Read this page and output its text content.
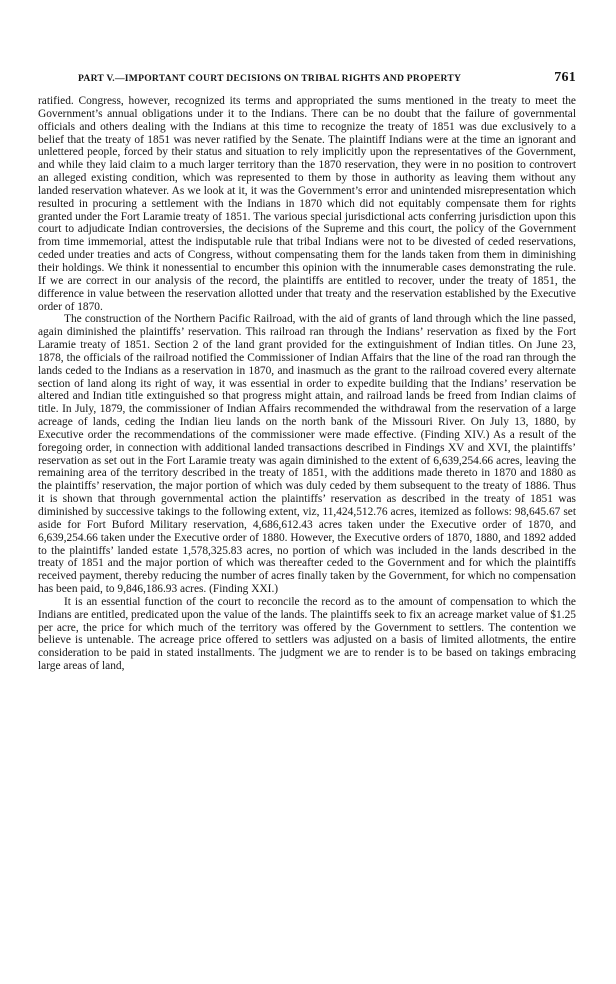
PART V.—IMPORTANT COURT DECISIONS ON TRIBAL RIGHTS AND PROPERTY	761

ratified. Congress, however, recognized its terms and appropriated the sums mentioned in the treaty to meet the Government’s annual obligations under it to the Indians. There can be no doubt that the failure of governmental officials and others dealing with the Indians at this time to recognize the treaty of 1851 was due exclusively to a belief that the treaty of 1851 was never ratified by the Senate. The plaintiff Indians were at the time an ignorant and unlettered people, forced by their status and situation to rely implicitly upon the representatives of the Government, and while they laid claim to a much larger territory than the 1870 reservation, they were in no position to controvert an alleged existing condition, which was represented to them by those in authority as leaving them without any landed reservation whatever. As we look at it, it was the Government’s error and unintended misrepresentation which resulted in procuring a settlement with the Indians in 1870 which did not equitably compensate them for rights granted under the Fort Laramie treaty of 1851. The various special jurisdictional acts conferring jurisdiction upon this court to adjudicate Indian controversies, the decisions of the Supreme and this court, the policy of the Government from time immemorial, attest the indisputable rule that tribal Indians were not to be divested of ceded reservations, ceded under treaties and acts of Congress, without compensating them for the lands taken from them in diminishing their holdings. We think it nonessential to encumber this opinion with the innumerable cases demonstrating the rule. If we are correct in our analysis of the record, the plaintiffs are entitled to recover, under the treaty of 1851, the difference in value between the reservation allotted under that treaty and the reservation established by the Executive order of 1870.

The construction of the Northern Pacific Railroad, with the aid of grants of land through which the line passed, again diminished the plaintiffs’ reservation. This railroad ran through the Indians’ reservation as fixed by the Fort Laramie treaty of 1851. Section 2 of the land grant provided for the extinguishment of Indian titles. On June 23, 1878, the officials of the railroad notified the Commissioner of Indian Affairs that the line of the road ran through the lands ceded to the Indians as a reservation in 1870, and inasmuch as the grant to the railroad covered every alternate section of land along its right of way, it was essential in order to expedite building that the Indians’ reservation be altered and Indian title extinguished so that progress might attain, and railroad lands be freed from Indian claims of title. In July, 1879, the commissioner of Indian Affairs recommended the withdrawal from the reservation of a large acreage of lands, ceding the Indian lieu lands on the north bank of the Missouri River. On July 13, 1880, by Executive order the recommendations of the commissioner were made effective. (Finding XIV.) As a result of the foregoing order, in connection with additional landed transactions described in Findings XV and XVI, the plaintiffs’ reservation as set out in the Fort Laramie treaty was again diminished to the extent of 6,639,254.66 acres, leaving the remaining area of the territory described in the treaty of 1851, with the additions made thereto in 1870 and 1880 as the plaintiffs’ reservation, the major portion of which was duly ceded by them subsequent to the treaty of 1886. Thus it is shown that through governmental action the plaintiffs’ reservation as described in the treaty of 1851 was diminished by successive takings to the following extent, viz, 11,424,512.76 acres, itemized as follows: 98,645.67 set aside for Fort Buford Military reservation, 4,686,612.43 acres taken under the Executive order of 1870, and 6,639,254.66 taken under the Executive order of 1880. However, the Executive orders of 1870, 1880, and 1892 added to the plaintiffs’ landed estate 1,578,325.83 acres, no portion of which was included in the lands described in the treaty of 1851 and the major portion of which was thereafter ceded to the Government and for which the plaintiffs received payment, thereby reducing the number of acres finally taken by the Government, for which no compensation has been paid, to 9,846,186.93 acres. (Finding XXI.)

It is an essential function of the court to reconcile the record as to the amount of compensation to which the Indians are entitled, predicated upon the value of the lands. The plaintiffs seek to fix an acreage market value of $1.25 per acre, the price for which much of the territory was offered by the Government to settlers. The contention we believe is untenable. The acreage price offered to settlers was adjusted on a basis of limited allotments, the entire consideration to be paid in stated installments. The judgment we are to render is to be based on takings embracing large areas of land,
